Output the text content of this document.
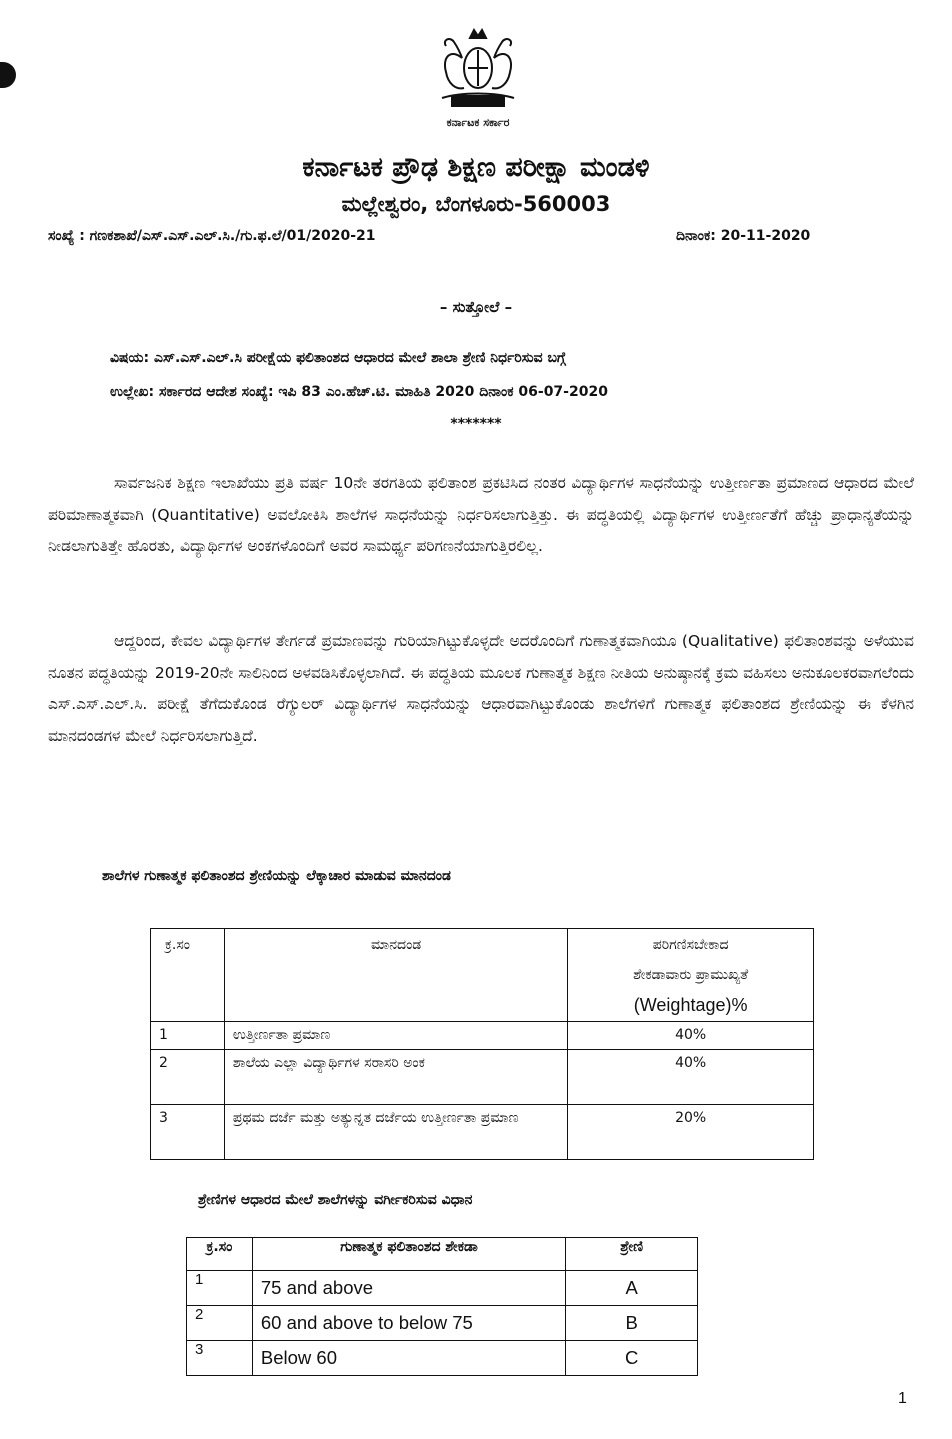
ಕರ್ನಾಟಕ ಸರ್ಕಾರ
ಕರ್ನಾಟಕ ಪ್ರೌಢ ಶಿಕ್ಷಣ ಪರೀಕ್ಷಾ ಮಂಡಳಿ
ಮಲ್ಲೇಶ್ವರಂ, ಬೆಂಗಳೂರು-560003
ಸಂಖ್ಯೆ : ಗಣಕಶಾಖೆ/ಎಸ್.ಎಸ್.ಎಲ್.ಸಿ./ಗು.ಫ.ಲೆ/01/2020-21	ದಿನಾಂಕ: 20-11-2020
– ಸುತ್ತೋಲೆ –
ವಿಷಯ: ಎಸ್.ಎಸ್.ಎಲ್.ಸಿ ಪರೀಕ್ಷೆಯ ಫಲಿತಾಂಶದ ಆಧಾರದ ಮೇಲೆ ಶಾಲಾ ಶ್ರೇಣಿ ನಿರ್ಧರಿಸುವ ಬಗ್ಗೆ
ಉಲ್ಲೇಖ: ಸರ್ಕಾರದ ಆದೇಶ ಸಂಖ್ಯೆ: ಇಪಿ 83 ಎಂ.ಹೆಚ್.ಟಿ. ಮಾಹಿತಿ 2020 ದಿನಾಂಕ 06-07-2020
*******
ಸಾರ್ವಜನಿಕ ಶಿಕ್ಷಣ ಇಲಾಖೆಯು ಪ್ರತಿ ವರ್ಷ 10ನೇ ತರಗತಿಯ ಫಲಿತಾಂಶ ಪ್ರಕಟಿಸಿದ ನಂತರ ವಿದ್ಯಾರ್ಥಿಗಳ ಸಾಧನೆಯನ್ನು ಉತ್ತೀರ್ಣತಾ ಪ್ರಮಾಣದ ಆಧಾರದ ಮೇಲೆ ಪರಿಮಾಣಾತ್ಮಕವಾಗಿ (Quantitative) ಅವಲೋಕಿಸಿ ಶಾಲೆಗಳ ಸಾಧನೆಯನ್ನು ನಿರ್ಧರಿಸಲಾಗುತ್ತಿತ್ತು. ಈ ಪದ್ಧತಿಯಲ್ಲಿ ವಿದ್ಯಾರ್ಥಿಗಳ ಉತ್ತೀರ್ಣತೆಗೆ ಹೆಚ್ಚು ಪ್ರಾಧಾನ್ಯತೆಯನ್ನು ನೀಡಲಾಗುತಿತ್ತೇ ಹೊರತು, ವಿದ್ಯಾರ್ಥಿಗಳ ಅಂಕಗಳೊಂದಿಗೆ ಅವರ ಸಾಮರ್ಥ್ಯ ಪರಿಗಣನೆಯಾಗುತ್ತಿರಲಿಲ್ಲ.
ಆದ್ದರಿಂದ, ಕೇವಲ ವಿದ್ಯಾರ್ಥಿಗಳ ತೇರ್ಗಡೆ ಪ್ರಮಾಣವನ್ನು ಗುರಿಯಾಗಿಟ್ಟುಕೊಳ್ಳದೇ ಅದರೊಂದಿಗೆ ಗುಣಾತ್ಮಕವಾಗಿಯೂ (Qualitative) ಫಲಿತಾಂಶವನ್ನು ಅಳೆಯುವ ನೂತನ ಪದ್ಧತಿಯನ್ನು 2019-20ನೇ ಸಾಲಿನಿಂದ ಅಳವಡಿಸಿಕೊಳ್ಳಲಾಗಿದೆ. ಈ ಪದ್ಧತಿಯ ಮೂಲಕ ಗುಣಾತ್ಮಕ ಶಿಕ್ಷಣ ನೀತಿಯ ಅನುಷ್ಠಾನಕ್ಕೆ ಕ್ರಮ ವಹಿಸಲು ಅನುಕೂಲಕರವಾಗಲೆಂದು ಎಸ್.ಎಸ್.ಎಲ್.ಸಿ. ಪರೀಕ್ಷೆ ತೆಗೆದುಕೊಂಡ ರೆಗ್ಯುಲರ್ ವಿದ್ಯಾರ್ಥಿಗಳ ಸಾಧನೆಯನ್ನು ಆಧಾರವಾಗಿಟ್ಟುಕೊಂಡು ಶಾಲೆಗಳಿಗೆ ಗುಣಾತ್ಮಕ ಫಲಿತಾಂಶದ ಶ್ರೇಣಿಯನ್ನು ಈ ಕೆಳಗಿನ ಮಾನದಂಡಗಳ ಮೇಲೆ ನಿರ್ಧರಿಸಲಾಗುತ್ತಿದೆ.
ಶಾಲೆಗಳ ಗುಣಾತ್ಮಕ ಫಲಿತಾಂಶದ ಶ್ರೇಣಿಯನ್ನು ಲೆಕ್ಕಾಚಾರ ಮಾಡುವ ಮಾನದಂಡ
ಕ್ರ.ಸಂ	ಮಾನದಂಡ	ಪರಿಗಣಿಸಬೇಕಾದ
ಶೇಕಡಾವಾರು ಪ್ರಾಮುಖ್ಯತೆ
(Weightage)%

1	ಉತ್ತೀರ್ಣತಾ ಪ್ರಮಾಣ	40%
2	ಶಾಲೆಯ ಎಲ್ಲಾ ವಿದ್ಯಾರ್ಥಿಗಳ ಸರಾಸರಿ ಅಂಕ	40%
3	ಪ್ರಥಮ ದರ್ಜೆ ಮತ್ತು ಅತ್ಯುನ್ನತ ದರ್ಜೆಯ ಉತ್ತೀರ್ಣತಾ ಪ್ರಮಾಣ	20%
ಶ್ರೇಣಿಗಳ ಆಧಾರದ ಮೇಲೆ ಶಾಲೆಗಳನ್ನು ವರ್ಗೀಕರಿಸುವ ವಿಧಾನ
ಕ್ರ.ಸಂ	ಗುಣಾತ್ಮಕ ಫಲಿತಾಂಶದ ಶೇಕಡಾ	ಶ್ರೇಣಿ
1	75 and above	A
2	60 and above to below 75	B
3	Below 60	C
1
